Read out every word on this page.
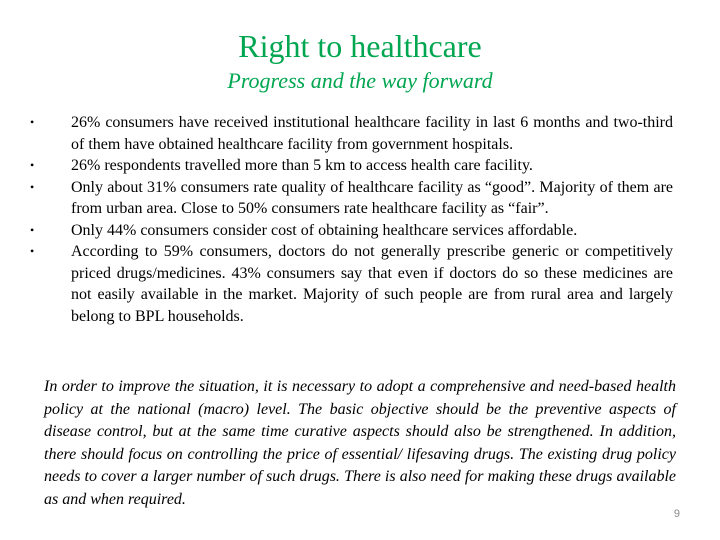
Right to healthcare
Progress and the way forward
• 26% consumers have received institutional healthcare facility in last 6 months and two-third of them have obtained healthcare facility from government hospitals.
• 26% respondents travelled more than 5 km to access health care facility.
• Only about 31% consumers rate quality of healthcare facility as “good”. Majority of them are from urban area. Close to 50% consumers rate healthcare facility as “fair”.
• Only 44% consumers consider cost of obtaining healthcare services affordable.
• According to 59% consumers, doctors do not generally prescribe generic or competitively priced drugs/medicines. 43% consumers say that even if doctors do so these medicines are not easily available in the market. Majority of such people are from rural area and largely belong to BPL households.

In order to improve the situation, it is necessary to adopt a comprehensive and need-based health policy at the national (macro) level. The basic objective should be the preventive aspects of disease control, but at the same time curative aspects should also be strengthened. In addition, there should focus on controlling the price of essential/ lifesaving drugs. The existing drug policy needs to cover a larger number of such drugs. There is also need for making these drugs available as and when required.

9
